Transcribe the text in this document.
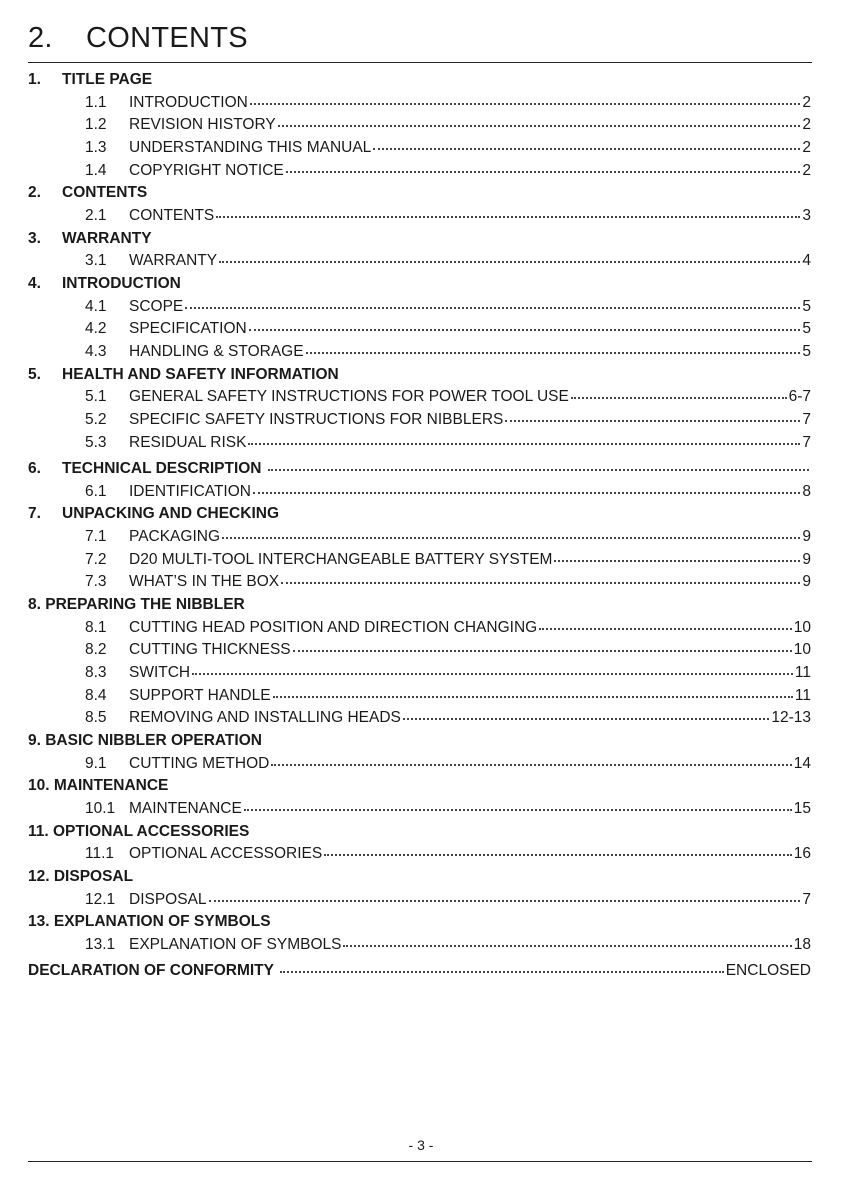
2. CONTENTS
1.	TITLE PAGE
1.1	INTRODUCTION	2
1.2	REVISION HISTORY	2
1.3	UNDERSTANDING THIS MANUAL	2
1.4	COPYRIGHT NOTICE	2
2.	CONTENTS
2.1	CONTENTS	3
3.	WARRANTY
3.1	WARRANTY	4
4.	INTRODUCTION
4.1	SCOPE	5
4.2	SPECIFICATION	5
4.3	HANDLING & STORAGE	5
5.	HEALTH AND SAFETY INFORMATION
5.1	GENERAL SAFETY INSTRUCTIONS FOR POWER TOOL USE	6-7
5.2	SPECIFIC SAFETY INSTRUCTIONS FOR NIBBLERS	7
5.3	RESIDUAL RISK	7
6.	TECHNICAL DESCRIPTION
6.1	IDENTIFICATION	8
7.	UNPACKING AND CHECKING
7.1	PACKAGING	9
7.2	D20 MULTI-TOOL INTERCHANGEABLE BATTERY SYSTEM	9
7.3	WHAT’S IN THE BOX	9
8. PREPARING THE NIBBLER
8.1	CUTTING HEAD POSITION AND DIRECTION CHANGING	10
8.2	CUTTING THICKNESS	10
8.3	SWITCH	11
8.4	SUPPORT HANDLE	11
8.5	REMOVING AND INSTALLING HEADS	12-13
9. BASIC NIBBLER OPERATION
9.1	CUTTING METHOD	14
10. MAINTENANCE
10.1 MAINTENANCE	15
11. OPTIONAL ACCESSORIES
11.1 OPTIONAL ACCESSORIES	16
12. DISPOSAL
12.1 DISPOSAL	7
13. EXPLANATION OF SYMBOLS
13.1 EXPLANATION OF SYMBOLS	18
DECLARATION OF CONFORMITY	ENCLOSED
- 3 -
